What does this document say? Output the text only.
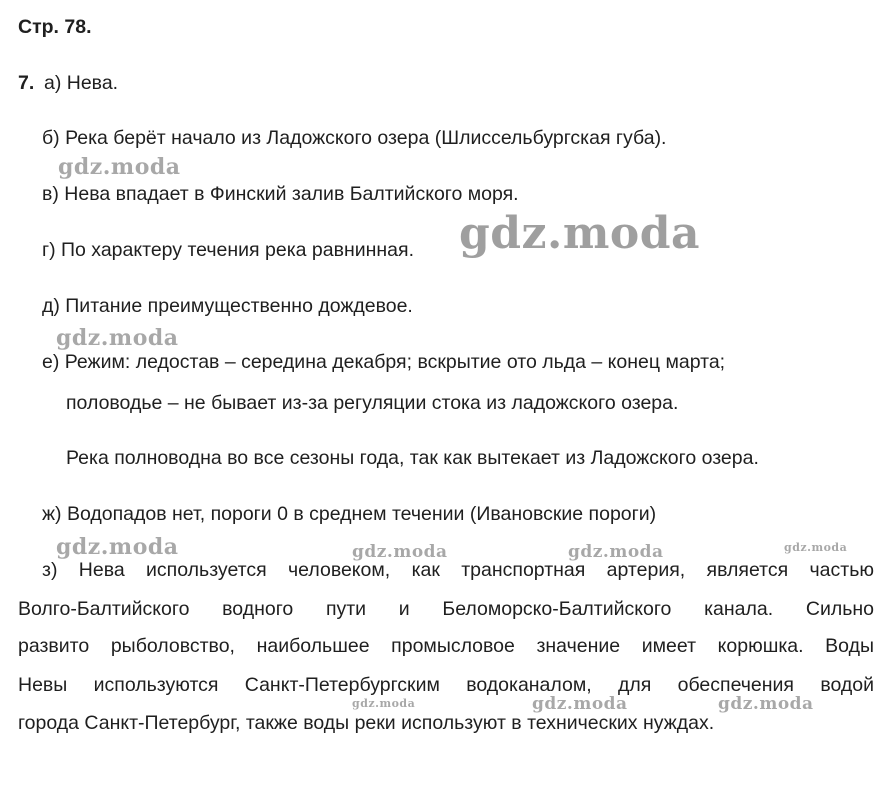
Стр. 78.
7. а) Нева.
б) Река берёт начало из Ладожского озера (Шлиссельбургская губа).
в) Нева впадает в Финский залив Балтийского моря.
г) По характеру течения река равнинная.
д) Питание преимущественно дождевое.
е) Режим: ледостав – середина декабря; вскрытие ото льда – конец марта;
половодье – не бывает из-за регуляции стока из ладожского озера.
Река полноводна во все сезоны года, так как вытекает из Ладожского озера.
ж) Водопадов нет, пороги 0 в среднем течении (Ивановские пороги)
з) Нева используется человеком, как транспортная артерия, является частью
Волго-Балтийского водного пути и Беломорско-Балтийского канала. Сильно
развито рыболовство, наибольшее промысловое значение имеет корюшка. Воды
Невы используются Санкт-Петербургским водоканалом, для обеспечения водой
города Санкт-Петербург, также воды реки используют в технических нуждах.
gdz.moda
gdz.moda
gdz.moda
gdz.moda	gdz.moda	gdz.moda	gdz.moda
gdz.moda	gdz.moda
gdz.moda
